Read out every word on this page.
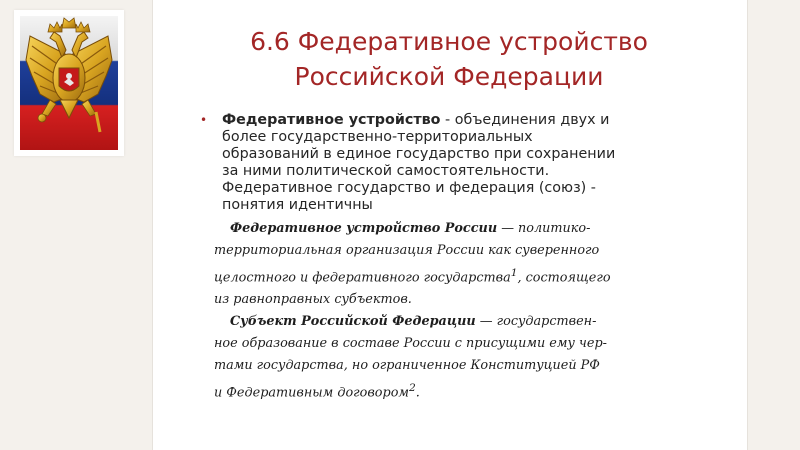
6.6 Федеративное устройство
Российской Федерации
• Федеративное устройство - объединения двух и
более государственно-территориальных
образований в единое государство при сохранении
за ними политической самостоятельности.
Федеративное государство и федерация (союз) -
понятия идентичны
Федеративное устройство России — политико-
территориальная организация России как суверенного
целостного и федеративного государства$^1$, состоящего
из равноправных субъектов.
Субъект Российской Федерации — государствен-
ное образование в составе России с присущими ему чер-
тами государства, но ограниченное Конституцией РФ
и Федеративным договором$^2$.
